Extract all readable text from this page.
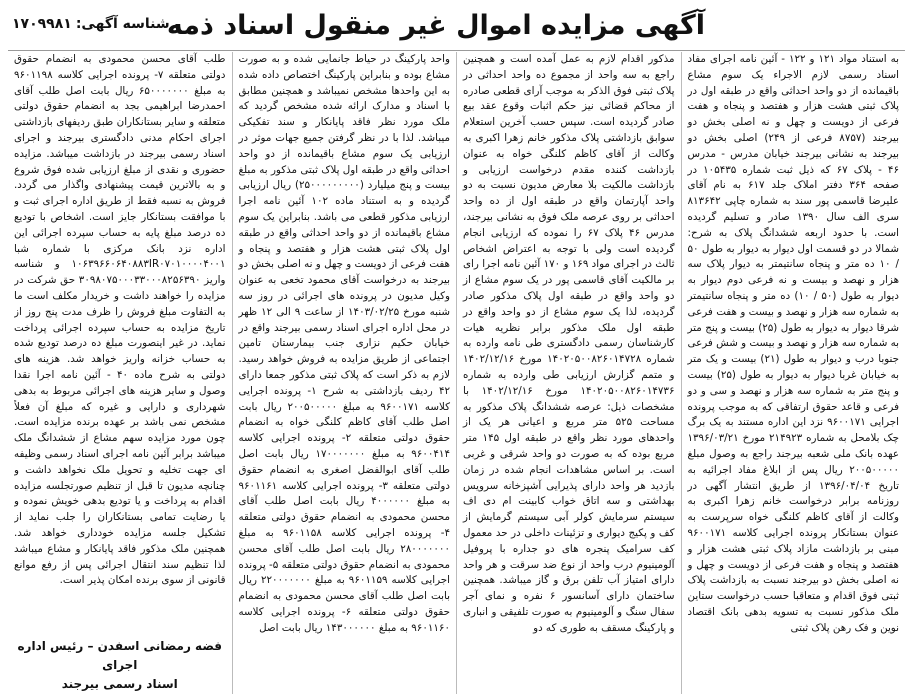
آگهی مزایده اموال غیر منقول اسناد ذمه
شناسه آگهی:۱۷۰۹۹۸۱

به استناد مواد ۱۲۱ و ۱۲۲ - آئین نامه اجرای مفاد اسناد رسمی لازم الاجراء یک سوم مشاع باقیمانده از دو واحد احداثی واقع در طبقه اول در پلاک ثبتی هشت هزار و هفتصد و پنجاه و هفت فرعی از دویست و چهل و نه اصلی بخش دو بیرجند (۸۷۵۷ فرعی از ۲۴۹) اصلی بخش دو بیرجند به نشانی بیرجند خیابان مدرس - مدرس ۴۶ - پلاک ۶۷ که ذیل ثبت شماره ۱۰۵۴۳۵ در صفحه ۳۶۴ دفتر املاک جلد ۶۱۷ به نام آقای علیرضا قاسمی پور سند به شماره چاپی ۸۱۳۶۴۲ سری الف سال ۱۳۹۰ صادر و تسلیم گردیده است. با حدود اربعه ششدانگ پلاک به شرح: شمالا در دو قسمت اول دیوار به دیوار به طول ۵۰ / ۱۰ ده متر و پنجاه سانتیمتر به دیوار پلاک سه هزار و نهصد و بیست و نه فرعی دوم دیوار به دیوار به طول (۵۰ / ۱۰) ده متر و پنجاه سانتیمتر به شماره سه هزار و نهصد و بیست و هفت فرعی شرقا دیوار به دیوار به طول (۲۵) بیست و پنج متر به شماره سه هزار و نهصد و بیست و شش فرعی جنوبا درب و دیوار به طول (۲۱) بیست و یک متر به خیابان غربا دیوار به دیوار به طول (۲۵) بیست و پنج متر به شماره سه هزار و نهصد و سی و دو فرعی و قاعد حقوق ارتفاقی که به موجب پرونده اجرایی ۹۶۰۰۱۷۱ نزد این اداره مستند به یک برگ چک بلامحل به شماره ۲۱۴۹۲۳ مورخ ۱۳۹۶/۰۳/۲۱ عهده بانک ملی شعبه بیرجند راجع به وصول مبلغ ۲۰۰۵۰۰۰۰۰ ریال پس از ابلاغ مفاد اجرائیه به تاریخ ۱۳۹۶/۰۴/۰۴ از طریق انتشار آگهی در روزنامه برابر درخواست خانم زهرا اکبری به وکالت از آقای کاظم کلنگی خواه سرپرست به عنوان بستانکار پرونده اجرایی کلاسه ۹۶۰۰۱۷۱ مبنی بر بازداشت مازاد پلاک ثبتی هشت هزار و هفتصد و پنجاه و هفت فرعی از دویست و چهل و نه اصلی بخش دو بیرجند نسبت به بازداشت پلاک ثبتی فوق اقدام و متعاقبا حسب درخواست ستاین ملک مذکور نسبت به تسویه بدهی بانک اقتصاد نوین و فک رهن پلاک ثبتی

مذکور اقدام لازم به عمل آمده است و همچنین راجع به سه واحد از مجموع ده واحد احداثی در پلاک ثبتی فوق الذکر به موجب آرای قطعی صادره از محاکم قضائی نیز حکم اثبات وقوع عقد بیع صادر گردیده است. سپس حسب آخرین استعلام سوابق بازداشتی پلاک مذکور خانم زهرا اکبری به وکالت از آقای کاظم کلنگی خواه به عنوان بازداشت کننده مقدم درخواست ارزیابی و بازداشت مالکیت بلا معارض مدیون نسبت به دو واحد آپارتمان واقع در طبقه اول از ده واحد احداثی بر روی عرصه ملک فوق به نشانی بیرجند، مدرس ۴۶ پلاک ۶۷ را نموده که ارزیابی انجام گردیده است ولی با توجه به اعتراض اشخاص ثالث در اجرای مواد ۱۶۹ و ۱۷۰ آئین نامه اجرا رای بر مالکیت آقای قاسمی پور در یک سوم مشاع از دو واحد واقع در طبقه اول پلاک مذکور صادر گردیده، لذا یک سوم مشاع از دو واحد واقع در طبقه اول ملک مذکور برابر نظریه هیات کارشناسان رسمی دادگستری طی نامه وارده به شماره ۱۴۰۲۰۵۰۰۸۲۶۰۱۴۷۲۸ مورخ ۱۴۰۲/۱۲/۱۶ و متمم گزارش ارزیابی طی وارده به شماره ۱۴۰۲۰۵۰۰۸۲۶۰۱۴۷۳۶ مورخ ۱۴۰۲/۱۲/۱۶ با مشخصات ذیل: عرصه ششدانگ پلاک مذکور به مساحت ۵۲۵ متر مربع و اعیانی هر یک از واحدهای مورد نظر واقع در طبقه اول ۱۴۵ متر مربع بوده که به صورت دو واحد شرقی و غربی است. بر اساس مشاهدات انجام شده در زمان بازدید هر واحد دارای پذیرایی آشپزخانه سرویس بهداشتی و سه اتاق خواب کابینت ام دی اف سیستم سرمایش کولر آبی سیستم گرمایش از کف و پکیج دیواری و تزئینات داخلی در حد معمول کف سرامیک پنجره های دو جداره با پروفیل آلومینیوم درب واحد از نوع ضد سرقت و هر واحد دارای امتیاز آب تلفن برق و گاز میباشد. همچنین ساختمان دارای آسانسور ۶ نفره و نمای آجر سفال سنگ و آلومینیوم به صورت تلفیقی و انباری و پارکینگ مسقف به طوری که دو

واحد پارکینگ در حیاط جانمایی شده و به صورت مشاع بوده و بنابراین پارکینگ اختصاص داده شده به این واحدها مشخص نمیباشد و همچنین مطابق با اسناد و مدارک ارائه شده مشخص گردید که ملک مورد نظر فاقد پایانکار و سند تفکیکی میباشد. لذا با در نظر گرفتن جمیع جهات موثر در ارزیابی یک سوم مشاع باقیمانده از دو واحد احداثی واقع در طبقه اول پلاک ثبتی مذکور به مبلغ بیست و پنج میلیارد (۲۵۰۰۰۰۰۰۰۰۰) ریال ارزیابی گردیده و به استناد ماده ۱۰۲ آئین نامه اجرا ارزیابی مذکور قطعی می باشد. بنابراین یک سوم مشاع باقیمانده از دو واحد احداثی واقع در طبقه اول پلاک ثبتی هشت هزار و هفتصد و پنجاه و هفت فرعی از دویست و چهل و نه اصلی بخش دو بیرجند به درخواست آقای محمود تخعی به عنوان وکیل مدیون در پرونده های اجرائی در روز سه شنبه مورخ ۱۴۰۳/۰۲/۲۵ از ساعت ۹ الی ۱۲ ظهر در محل اداره اجرای اسناد رسمی بیرجند واقع در خیابان حکیم نزاری جنب بیمارستان تامین اجتماعی از طریق مزایده به فروش خواهد رسید. لازم به ذکر است که پلاک ثبتی مذکور جمعا دارای ۴۲ ردیف بازداشتی به شرح ۱- پرونده اجرایی کلاسه ۹۶۰۰۱۷۱ به مبلغ ۲۰۰۵۰۰۰۰۰ ریال بابت اصل طلب آقای کاظم کلنگی خواه به انضمام حقوق دولتی متعلقه ۲- پرونده اجرایی کلاسه ۹۶۰۰۴۱۴ به مبلغ ۱۷۰۰۰۰۰۰۰ ریال بابت اصل طلب آقای ابوالفضل اصغری به انضمام حقوق دولتی متعلقه ۳- پرونده اجرایی کلاسه ۹۶۰۱۱۶۱ به مبلغ ۴۰۰۰۰۰۰ ریال بابت اصل طلب آقای محسن محمودی به انضمام حقوق دولتی متعلقه ۴- پرونده اجرایی کلاسه ۹۶۰۱۱۵۸ به مبلغ ۲۸۰۰۰۰۰۰۰ ریال بابت اصل طلب آقای محسن محمودی به انضمام حقوق دولتی متعلقه ۵- پرونده اجرایی کلاسه ۹۶۰۱۱۵۹ به مبلغ ۲۲۰۰۰۰۰۰۰ ریال بابت اصل طلب آقای محسن محمودی به انضمام حقوق دولتی متعلقه ۶- پرونده اجرایی کلاسه ۹۶۰۱۱۶۰ به مبلغ ۱۴۳۰۰۰۰۰۰ ریال بابت اصل

طلب آقای محسن محمودی به انضمام حقوق دولتی متعلقه ۷- پرونده اجرایی کلاسه ۹۶۰۱۱۹۸ به مبلغ ۶۵۰۰۰۰۰۰۰ ریال بابت اصل طلب آقای احمدرضا ابراهیمی بجد به انضمام حقوق دولتی متعلقه و سایر بستانکاران طبق ردیفهای بازداشتی اجرای احکام مدنی دادگستری بیرجند و اجرای اسناد رسمی بیرجند در بازداشت میباشد. مزایده حضوری و نقدی از مبلغ ارزیابی شده فوق شروع و به بالاترین قیمت پیشنهادی واگذار می گردد. فروش به نسبه فقط از طریق اداره اجرای ثبت و با موافقت بستانکار جایز است. اشخاص با تودیع ده درصد مبلغ پایه به حساب سپرده اجرائی این اداره نزد بانک مرکزی با شماره شبا ۱۰۶۳۹۶۶۰۶۴۰۸۸۳IR۰۷۰۱۰۰۰۰۴۰۰۱ و شناسه واریز ۳۰۹۸۰۷۵۰۰۰۳۳۰۰۰۸۲۵۶۳۹۰ حق شرکت در مزایده را خواهند داشت و خریدار مکلف است ما به التفاوت مبلغ فروش را ظرف مدت پنج روز از تاریخ مزایده به حساب سپرده اجرائی پرداخت نماید. در غیر اینصورت مبلغ ده درصد تودیع شده به حساب خزانه واریز خواهد شد. هزینه های دولتی به شرح ماده ۴۰ - آئین نامه اجرا نقدا وصول و سایر هزینه های اجرائی مربوط به بدهی شهرداری و دارایی و غیره که مبلغ آن فعلاً مشخص نمی باشد بر عهده برنده مزایده است. چون مورد مزایده سهم مشاع از ششدانگ ملک میباشد برابر آئین نامه اجرای اسناد رسمی وظیفه ای جهت تخلیه و تحویل ملک نخواهد داشت و چنانچه مدیون تا قبل از تنظیم صورتجلسه مزایده اقدام به پرداخت و یا تودیع بدهی خویش نموده و یا رضایت تمامی بستانکاران را جلب نماید از تشکیل جلسه مزایده خودداری خواهد شد. همچنین ملک مذکور فاقد پایانکار و مشاع میباشد لذا تنظیم سند انتقال اجرائی پس از رفع موانع قانونی از سوی برنده امکان پذیر است.

فضه رمضانی اسفدن – رئیس اداره اجرای
اسناد رسمی بیرجند
